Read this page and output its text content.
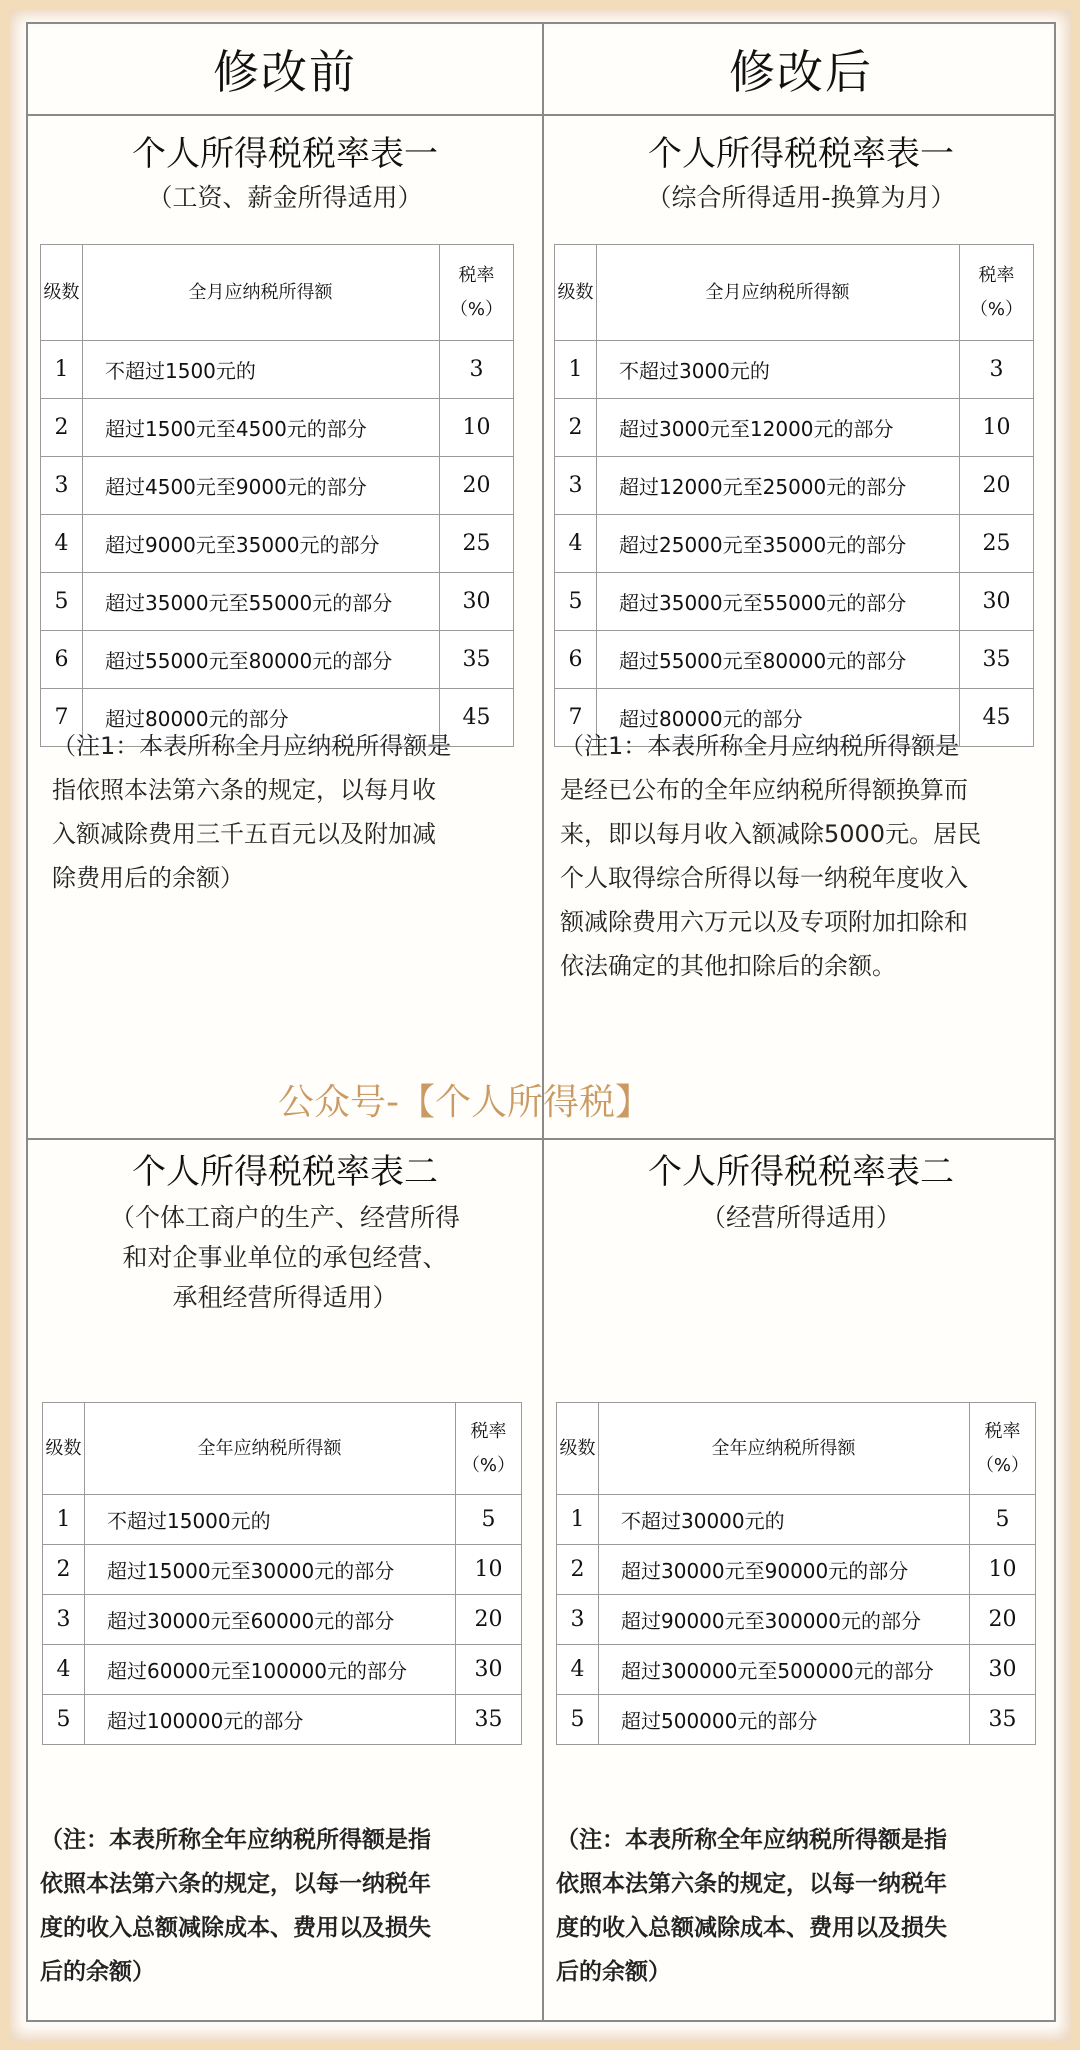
修改前	修改后
个人所得税税率表一
（工资、薪金所得适用）
级数	全月应纳税所得额	税率
（%）

1	不超过1500元的	3
2	超过1500元至4500元的部分	10
3	超过4500元至9000元的部分	20
4	超过9000元至35000元的部分	25
5	超过35000元至55000元的部分	30
6	超过55000元至80000元的部分	35
7	超过80000元的部分	45
（注1：本表所称全月应纳税所得额是
指依照本法第六条的规定，以每月收
入额减除费用三千五百元以及附加减
除费用后的余额）
个人所得税税率表一
（综合所得适用-换算为月）
级数	全月应纳税所得额	税率
（%）

1	不超过3000元的	3
2	超过3000元至12000元的部分	10
3	超过12000元至25000元的部分	20
4	超过25000元至35000元的部分	25
5	超过35000元至55000元的部分	30
6	超过55000元至80000元的部分	35
7	超过80000元的部分	45
（注1：本表所称全月应纳税所得额是
是经已公布的全年应纳税所得额换算而
来，即以每月收入额减除5000元。居民
个人取得综合所得以每一纳税年度收入
额减除费用六万元以及专项附加扣除和
依法确定的其他扣除后的余额。
个人所得税税率表二
（个体工商户的生产、经营所得
和对企事业单位的承包经营、
承租经营所得适用）
级数	全年应纳税所得额	税率
（%）

1	不超过15000元的	5
2	超过15000元至30000元的部分	10
3	超过30000元至60000元的部分	20
4	超过60000元至100000元的部分	30
5	超过100000元的部分	35
（注：本表所称全年应纳税所得额是指
依照本法第六条的规定，以每一纳税年
度的收入总额减除成本、费用以及损失
后的余额）
个人所得税税率表二
（经营所得适用）
级数	全年应纳税所得额	税率
（%）

1	不超过30000元的	5
2	超过30000元至90000元的部分	10
3	超过90000元至300000元的部分	20
4	超过300000元至500000元的部分	30
5	超过500000元的部分	35
（注：本表所称全年应纳税所得额是指
依照本法第六条的规定，以每一纳税年
度的收入总额减除成本、费用以及损失
后的余额）
公众号-【个人所得税】
